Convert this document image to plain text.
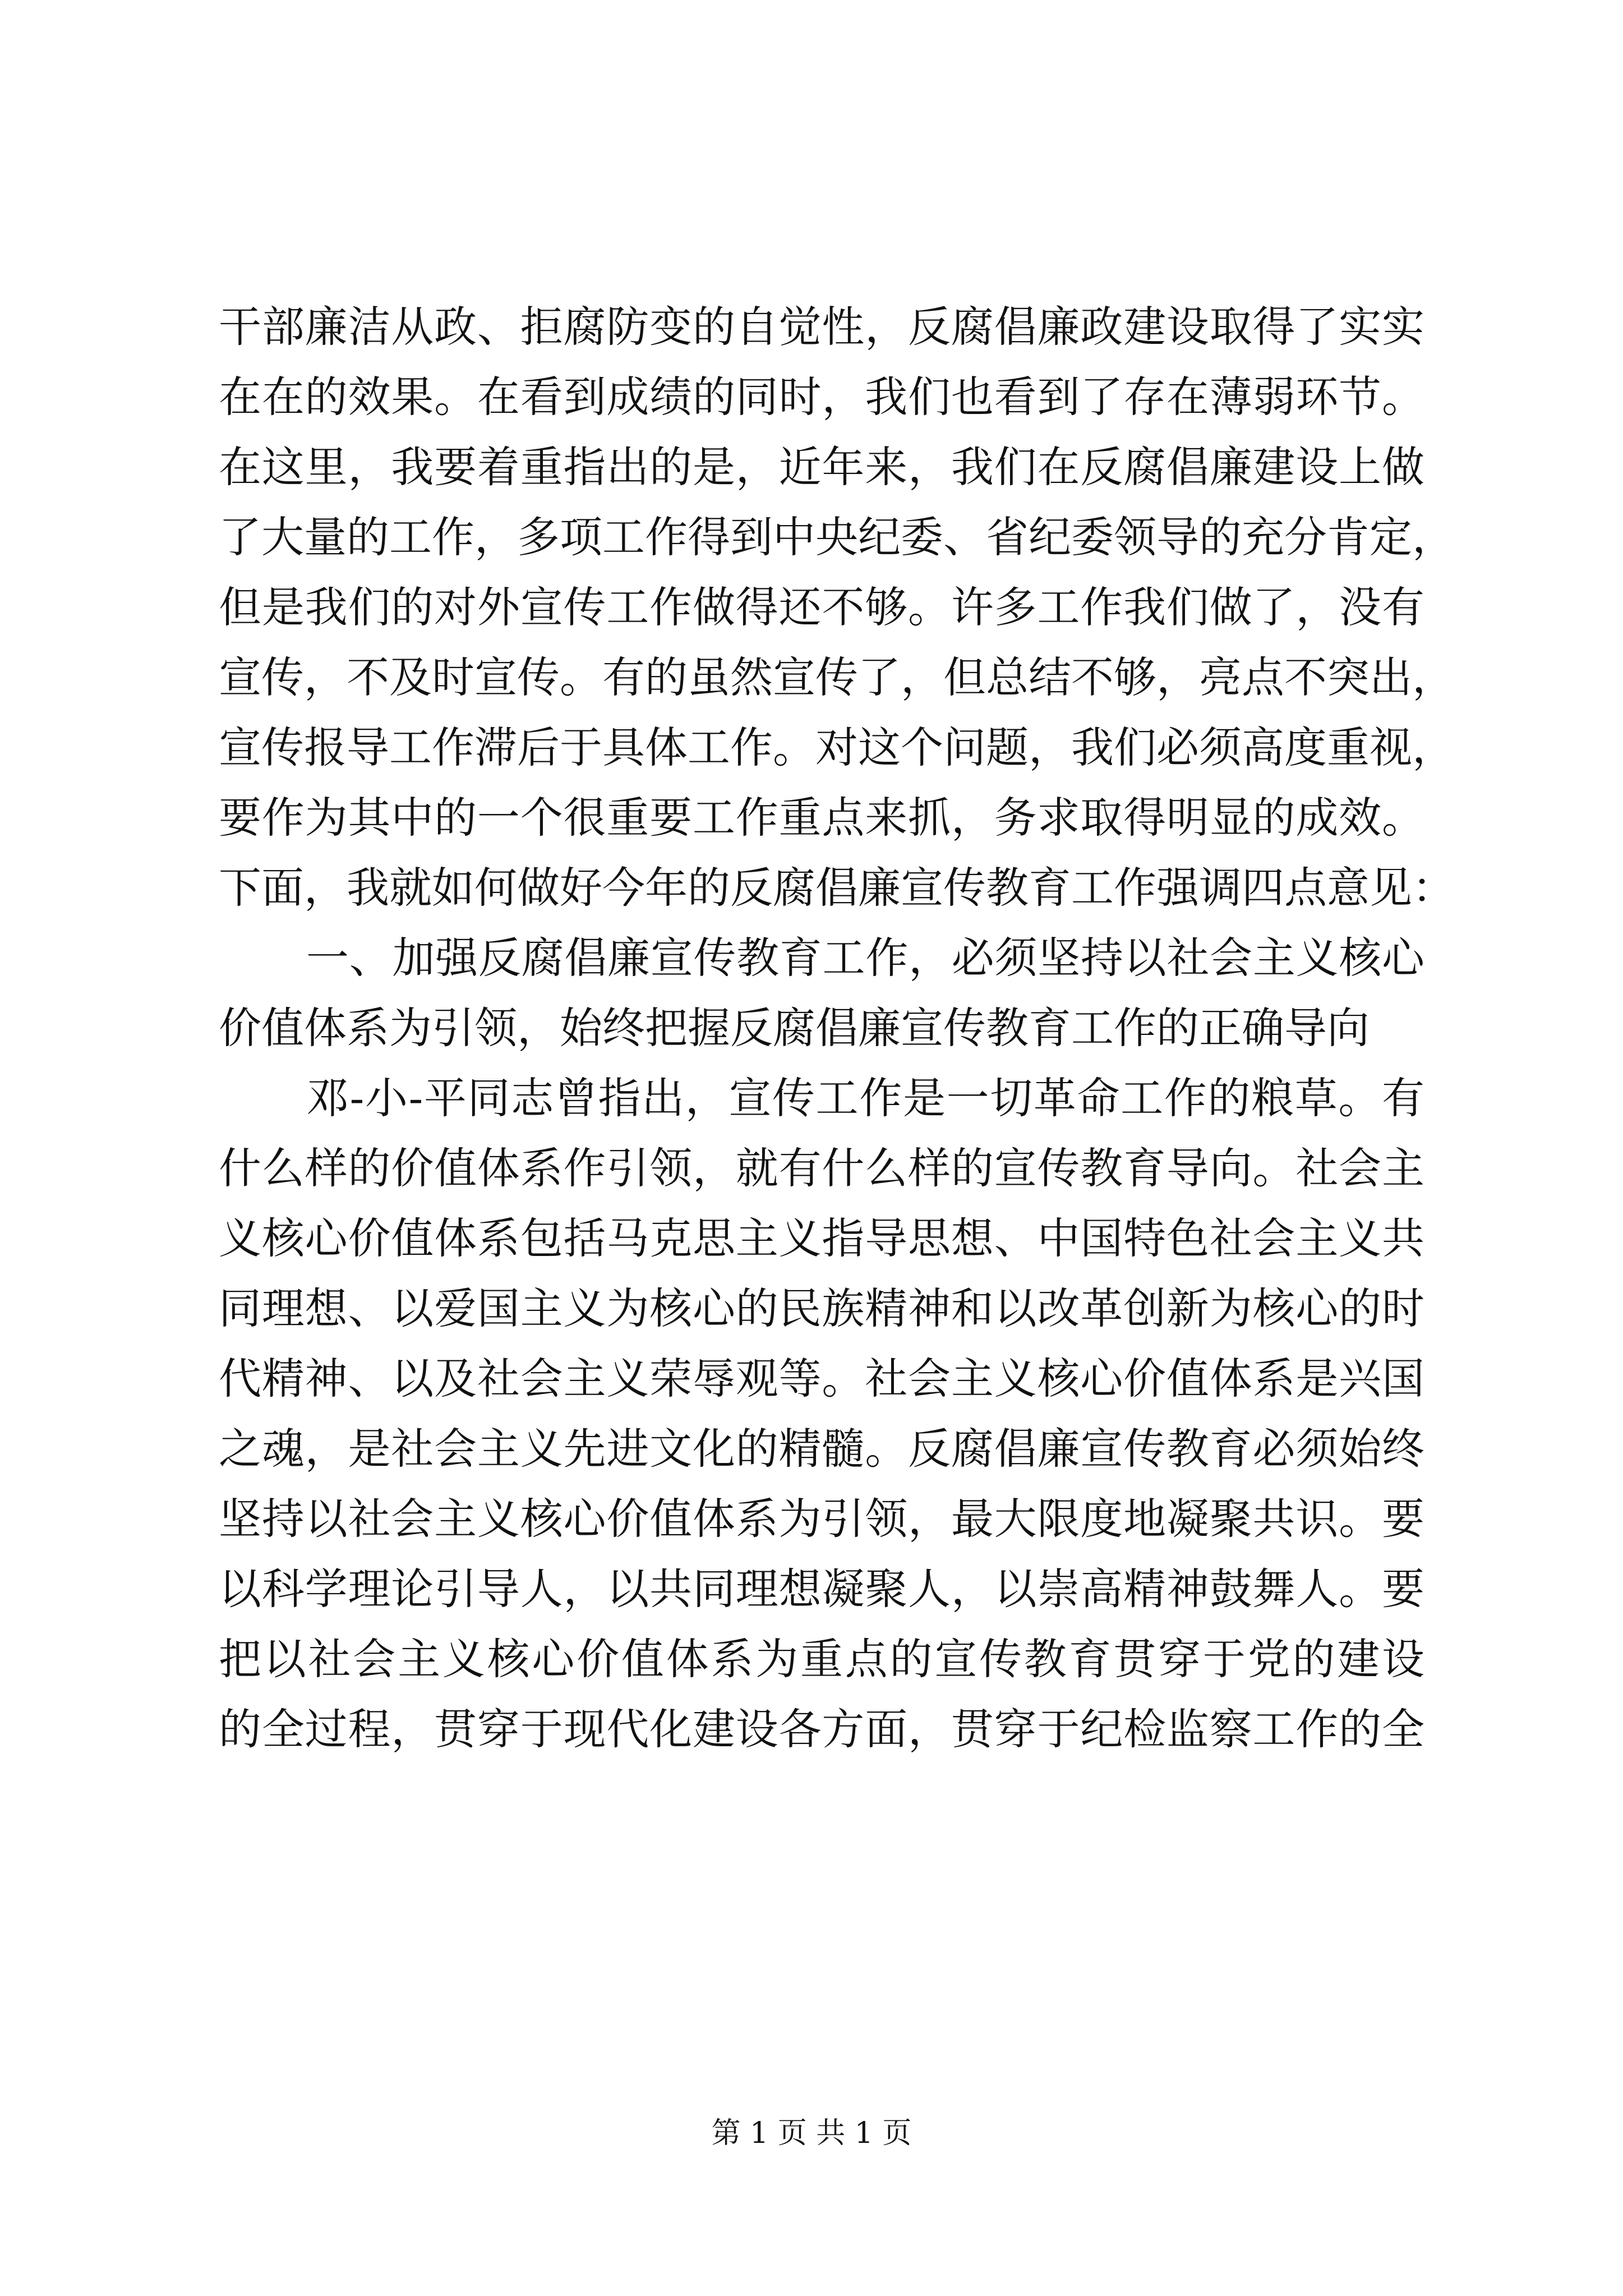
干部廉洁从政、拒腐防变的自觉性，反腐倡廉政建设取得了实实
在在的效果。在看到成绩的同时，我们也看到了存在薄弱环节。
在这里，我要着重指出的是，近年来，我们在反腐倡廉建设上做
了大量的工作，多项工作得到中央纪委、省纪委领导的充分肯定，
但是我们的对外宣传工作做得还不够。许多工作我们做了，没有
宣传，不及时宣传。有的虽然宣传了，但总结不够，亮点不突出，
宣传报导工作滞后于具体工作。对这个问题，我们必须高度重视，
要作为其中的一个很重要工作重点来抓，务求取得明显的成效。
下面，我就如何做好今年的反腐倡廉宣传教育工作强调四点意见：
一、加强反腐倡廉宣传教育工作，必须坚持以社会主义核心
价值体系为引领，始终把握反腐倡廉宣传教育工作的正确导向
邓-小-平同志曾指出，宣传工作是一切革命工作的粮草。有
什么样的价值体系作引领，就有什么样的宣传教育导向。社会主
义核心价值体系包括马克思主义指导思想、中国特色社会主义共
同理想、以爱国主义为核心的民族精神和以改革创新为核心的时
代精神、以及社会主义荣辱观等。社会主义核心价值体系是兴国
之魂，是社会主义先进文化的精髓。反腐倡廉宣传教育必须始终
坚持以社会主义核心价值体系为引领，最大限度地凝聚共识。要
以科学理论引导人，以共同理想凝聚人，以崇高精神鼓舞人。要
把以社会主义核心价值体系为重点的宣传教育贯穿于党的建设
的全过程，贯穿于现代化建设各方面，贯穿于纪检监察工作的全
第 1 页 共 1 页
